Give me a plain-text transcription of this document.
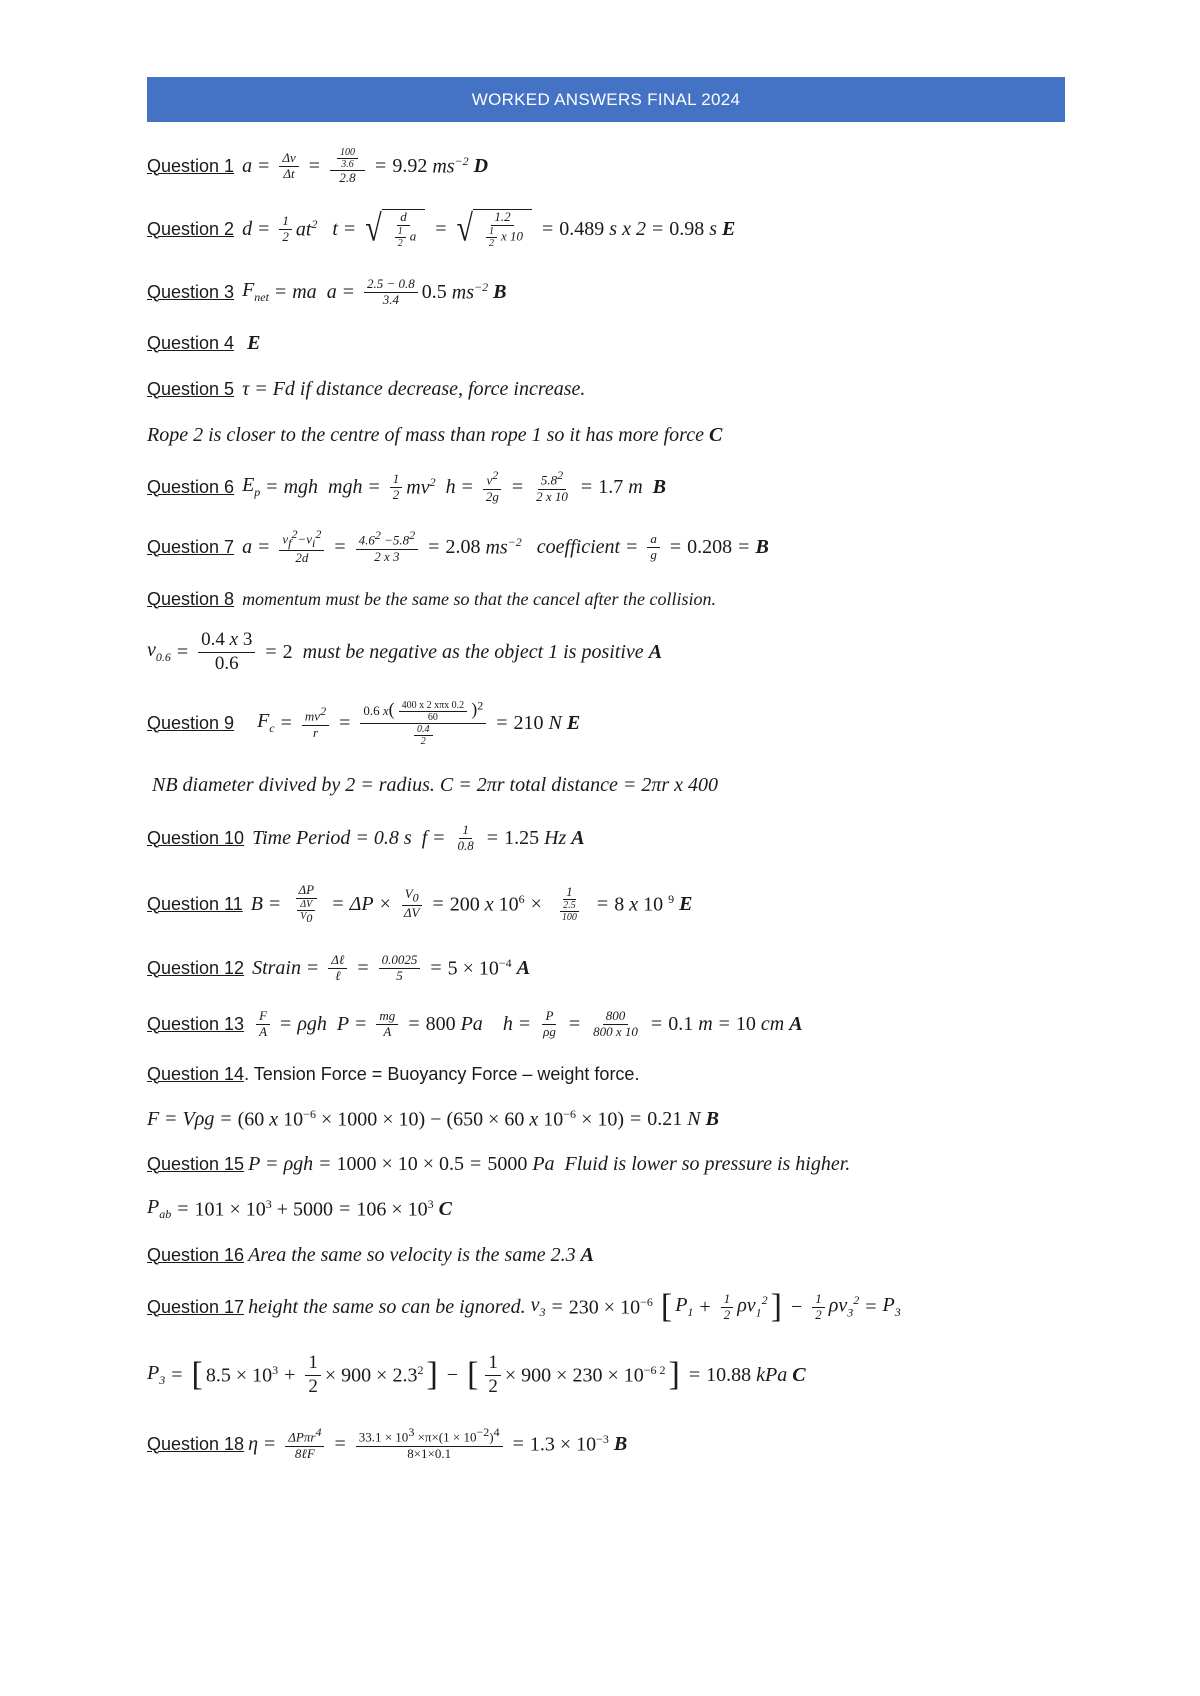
WORKED ANSWERS FINAL 2024
Question 1 $a = \frac{\Delta v}{\Delta t} = \frac{\frac{100}{3.6}}{2.8} = 9.92$
$ms^{-2}$
D
Question 2 $d = \frac{1}{2} at^2$
t = √ $\frac{d}{\frac{1}{2} a}$ = √ $\frac{1.2}{\frac{1}{2} x 10} = 0.489$ s x 2 = 0.98 s E
Question 3 $F_{net}$ = ma
$a = \frac{2.5 - 0.8}{3.4} 0.5$
$ms^{-2}$
B
Question 4
E
Question 5 τ = Fd if distance decrease, force increase.
Rope 2 is closer to the centre of mass than rope 1 so it has more force
C
Question 6 $E_p$ = mgh
mgh = $\frac{1}{2} mv^2$
$h = \frac{v^2}{2g} = \frac{5.8^2}{2 x 10} = 1.7$ m B
Question 7 $a = \frac{v_f^2-v_i^2}{2d} = \frac{4.6^2 -5.8^2}{2 x 3} = 2.08$
$ms^{-2}$
coefficient = $\frac{a}{g} = 0.208 = B$
Question 8 momentum must be the same so that the cancel after the collision.
$v_{0.6} = \frac{0.4 x 3}{0.6} = 2$
must be negative as the object 1 is positive
A
Question 9
$F_c = \frac{mv^2}{r} = \frac{0.6 x( \frac{\text{400 x 2 xπx 0.2}}{60} )^2}{\frac{0.4}{2}} = 210$ N E

NB diameter divived by 2 = radius. C = 2πr total distance = 2πr x 400
Question 10 Time Period = 0.8 s
$f = \frac{1}{0.8} = 1.25$ Hz A
Question 11 $B = \frac{\Delta P}{\frac{\Delta V}{V_0}} = \Delta P \times \frac{V_0}{\Delta V} = 200$ x $10^6 \times \frac{1}{\frac{2.5}{100}} = 8$ x 10 $^9$
E
Question 12 Strain = $\frac{\text{Δℓ}}{\text{ℓ}} = \frac{0.0025}{5} = 5 \times 10^{-4}$
A
Question $13 \frac{F}{A} = \rho gh$
$P = \frac{mg}{A} = 800$ Pa $h = \frac{P}{\rho g} = \frac{800}{800 x 10} = 0.1$ m = 10 cm A
Question 14 . Tension Force = Buoyancy Force – weight force.
F = Vρg = (60 x $10^{-6} \times 1000 \times 10) - (650 \times 60$ x $10^{-6} \times 10) = 0.21$ N B
Question 15 P = ρgh = 1000 × 10 × 0.5 = 5000 Pa Fluid is lower so pressure is higher.
$P_{ab} = 101 \times 10^3 + 5000 = 106 \times 10^3$
C
Question 16 Area the same so velocity is the same 2.3
A
Question 17 height the same so can be ignored.
$v_3 = 230 \times 10^{-6}$
[ $P_1 + \frac{1}{2} \rho v_1^2$ ] − $\frac{1}{2} \rho v_3^2 = P_3$
$P_3$ = [ $8.5 \times 10^3 + \frac{1}{2} \times 900 \times 2.3^2$ ] − [ $\frac{1}{2} \times 900 \times 230 \times 10^{-6 2}$ ] = 10.88 kPa C
Question 18 $\eta = \frac{\Delta P\pi r^4}{\text{8ℓF}} = \frac{33.1 \times 10^3 \times\pi\times(1 \times 10^{-2})^4}{8\times 1\times 0.1} = 1.3 \times 10^{-3}$
B
